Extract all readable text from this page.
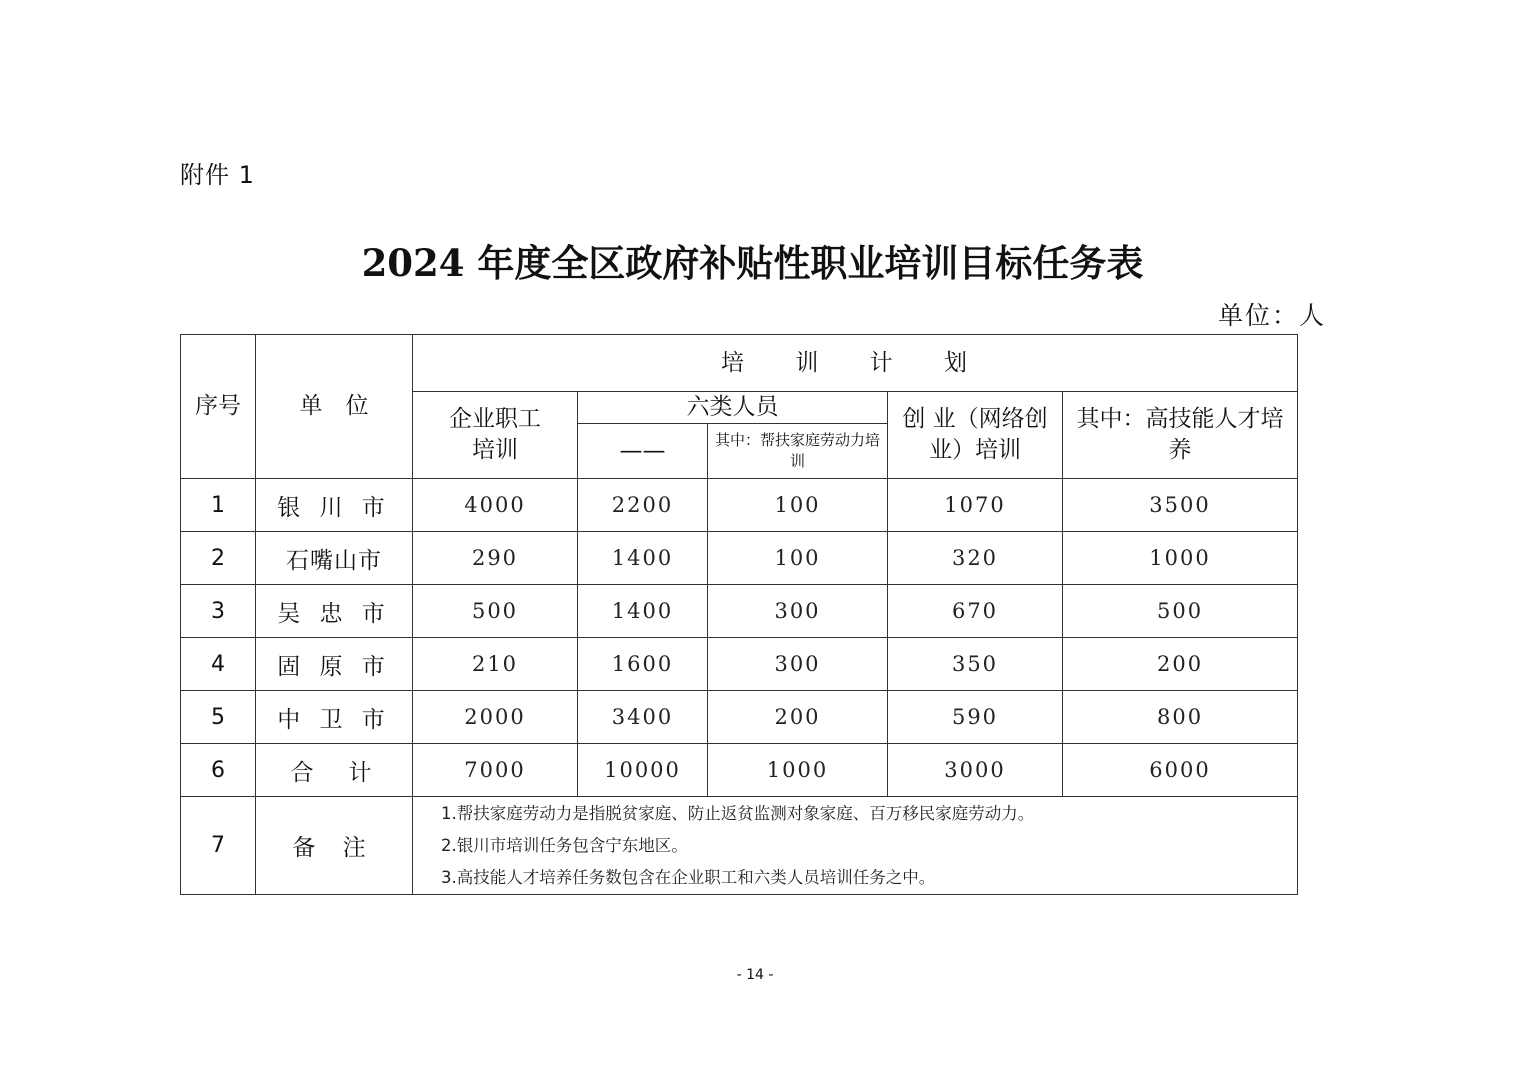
附件 1
2024 年度全区政府补贴性职业培训目标任务表
单位：人
序号	单　位	培 训 计 划				

		企业职工培训	六类人员		创 业（网络创业）培训	其中：高技能人才培养

			——	其中：帮扶家庭劳动力培训		

1	银 川 市	4000	2200	100	1070	3500
2	石嘴山市	290	1400	100	320	1000
3	吴 忠 市	500	1400	300	670	500
4	固 原 市	210	1600	300	350	200
5	中 卫 市	2000	3400	200	590	800
6	合　计	7000	10000	1000	3000	6000
7	备 注	1.帮扶家庭劳动力是指脱贫家庭、防止返贫监测对象家庭、百万移民家庭劳动力。
2.银川市培训任务包含宁东地区。
3.高技能人才培养任务数包含在企业职工和六类人员培训任务之中。				
- 14 -
